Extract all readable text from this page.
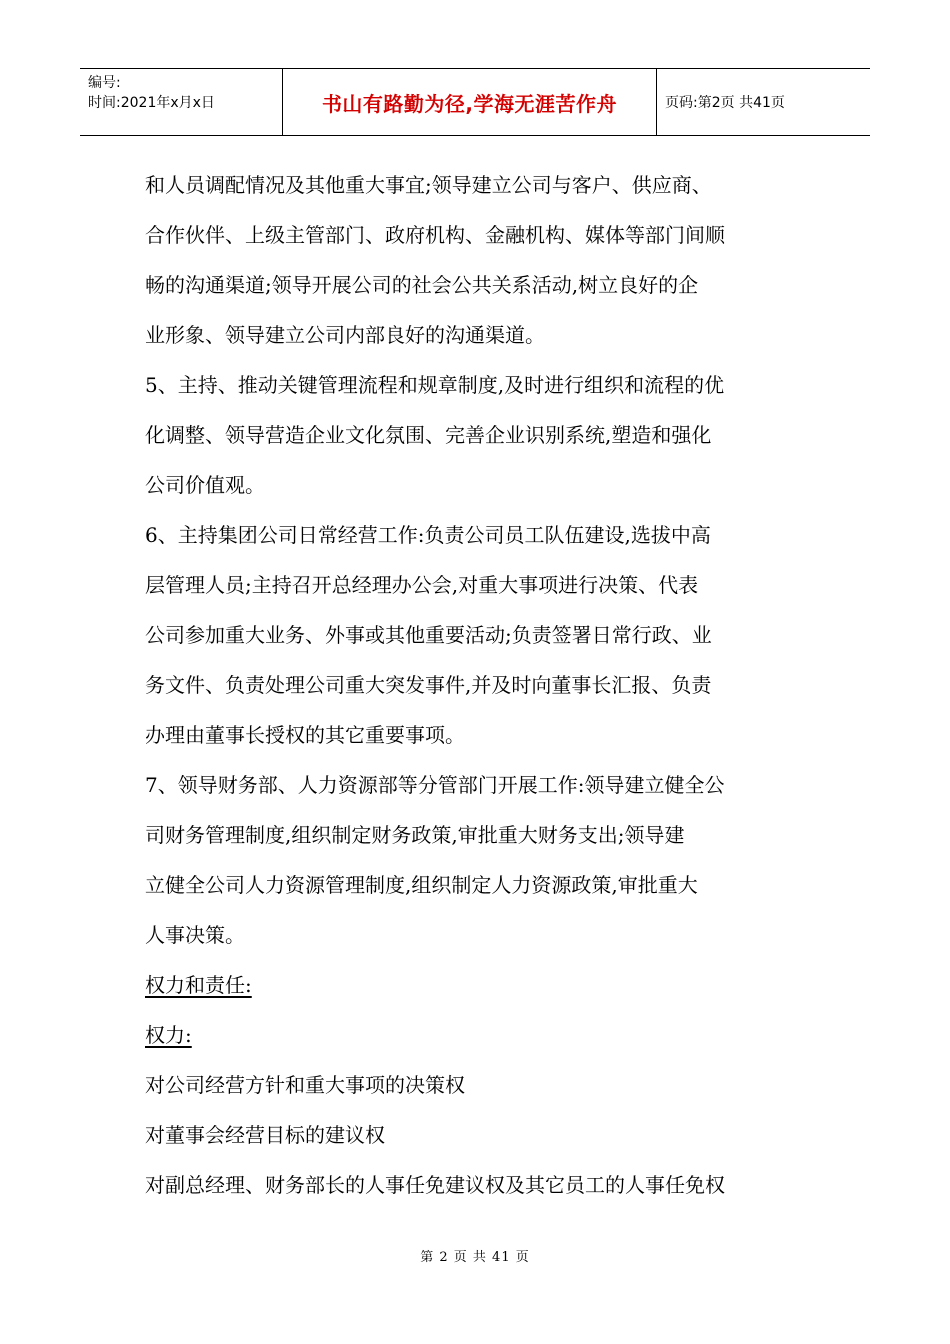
编号:
时间:2021年x月x日	书山有路勤为径,学海无涯苦作舟	页码:第2页 共41页
和人员调配情况及其他重大事宜;领导建立公司与客户、供应商、
合作伙伴、上级主管部门、政府机构、金融机构、媒体等部门间顺
畅的沟通渠道;领导开展公司的社会公共关系活动,树立良好的企
业形象、领导建立公司内部良好的沟通渠道。
5、主持、推动关键管理流程和规章制度,及时进行组织和流程的优
化调整、领导营造企业文化氛围、完善企业识别系统,塑造和强化
公司价值观。
6、主持集团公司日常经营工作:负责公司员工队伍建设,选拔中高
层管理人员;主持召开总经理办公会,对重大事项进行决策、代表
公司参加重大业务、外事或其他重要活动;负责签署日常行政、业
务文件、负责处理公司重大突发事件,并及时向董事长汇报、负责
办理由董事长授权的其它重要事项。
7、领导财务部、人力资源部等分管部门开展工作:领导建立健全公
司财务管理制度,组织制定财务政策,审批重大财务支出;领导建
立健全公司人力资源管理制度,组织制定人力资源政策,审批重大
人事决策。
权力和责任:
权力:
对公司经营方针和重大事项的决策权
对董事会经营目标的建议权
对副总经理、财务部长的人事任免建议权及其它员工的人事任免权
第 2 页 共 41 页
